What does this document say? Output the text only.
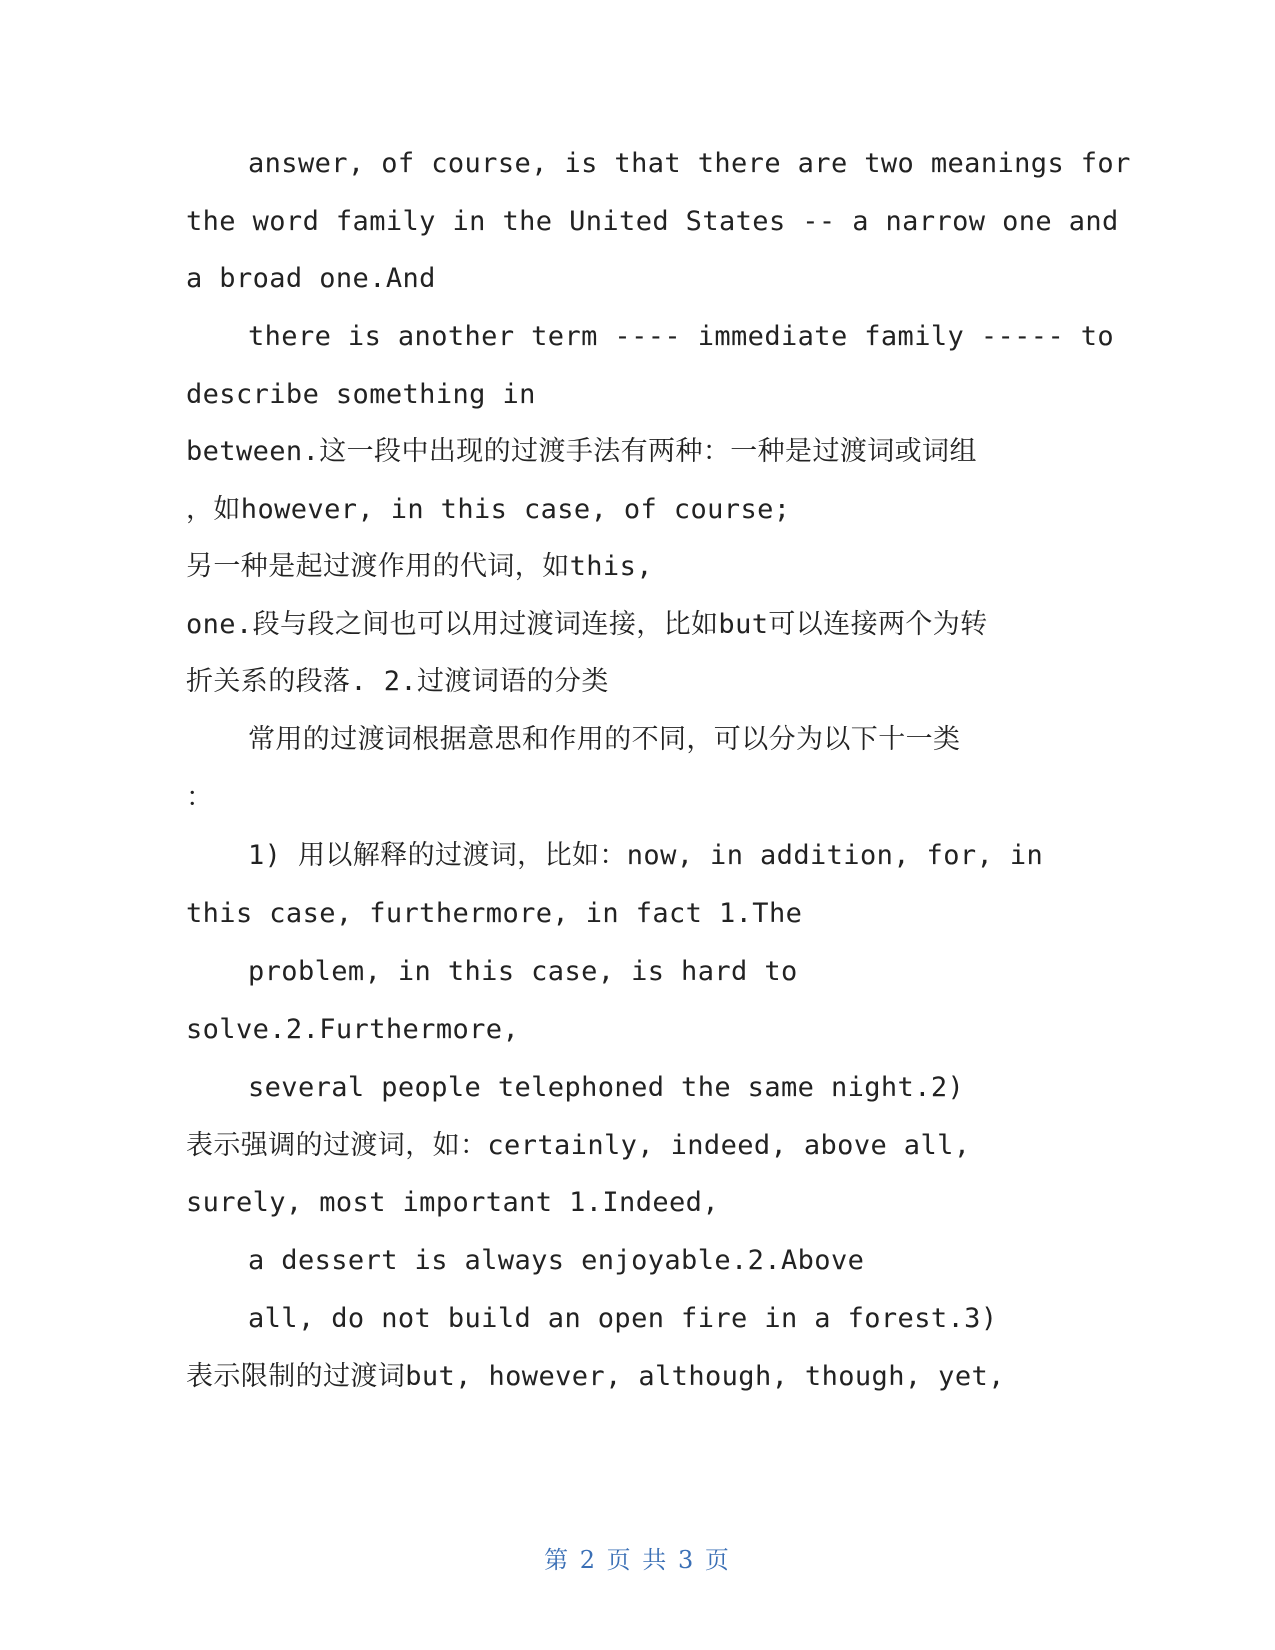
answer, of course, is that there are two meanings for
the word family in the United States -- a narrow one and
a broad one.And
there is another term ---- immediate family ----- to
describe something in
between.这一段中出现的过渡手法有两种：一种是过渡词或词组
，如however, in this case, of course;
另一种是起过渡作用的代词，如this,
one.段与段之间也可以用过渡词连接，比如but可以连接两个为转
折关系的段落. 2.过渡词语的分类
常用的过渡词根据意思和作用的不同，可以分为以下十一类
：
1) 用以解释的过渡词，比如：now, in addition, for, in
this case, furthermore, in fact 1.The
problem, in this case, is hard to
solve.2.Furthermore,
several people telephoned the same night.2)
表示强调的过渡词，如：certainly, indeed, above all,
surely, most important 1.Indeed,
a dessert is always enjoyable.2.Above
all, do not build an open fire in a forest.3)
表示限制的过渡词but, however, although, though, yet,
第 2 页 共 3 页
